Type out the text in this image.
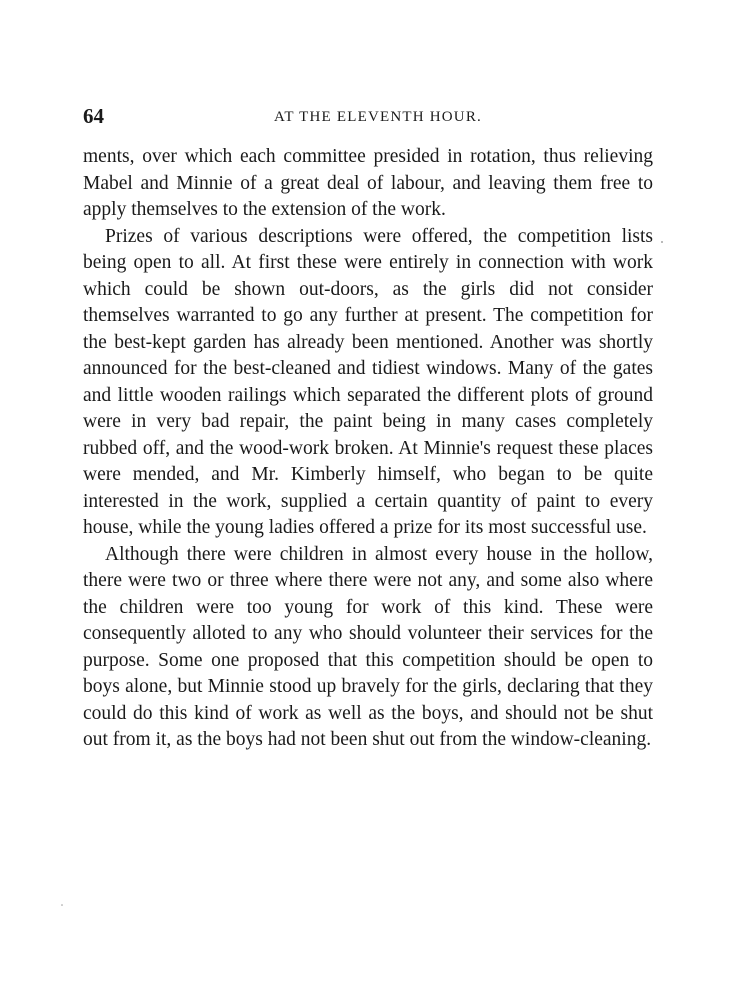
64	AT THE ELEVENTH HOUR.

ments, over which each committee presided in rotation, thus relieving Mabel and Minnie of a great deal of labour, and leaving them free to apply themselves to the extension of the work.

Prizes of various descriptions were offered, the competition lists being open to all. At first these were entirely in connection with work which could be shown out-doors, as the girls did not consider themselves warranted to go any further at present. The competition for the best-kept garden has already been mentioned. Another was shortly announced for the best-cleaned and tidiest windows. Many of the gates and little wooden railings which separated the different plots of ground were in very bad repair, the paint being in many cases completely rubbed off, and the wood-work broken. At Minnie's request these places were mended, and Mr. Kimberly himself, who began to be quite interested in the work, supplied a certain quantity of paint to every house, while the young ladies offered a prize for its most successful use.

Although there were children in almost every house in the hollow, there were two or three where there were not any, and some also where the children were too young for work of this kind. These were consequently alloted to any who should volunteer their services for the purpose. Some one proposed that this competition should be open to boys alone, but Minnie stood up bravely for the girls, declaring that they could do this kind of work as well as the boys, and should not be shut out from it, as the boys had not been shut out from the window-cleaning.
